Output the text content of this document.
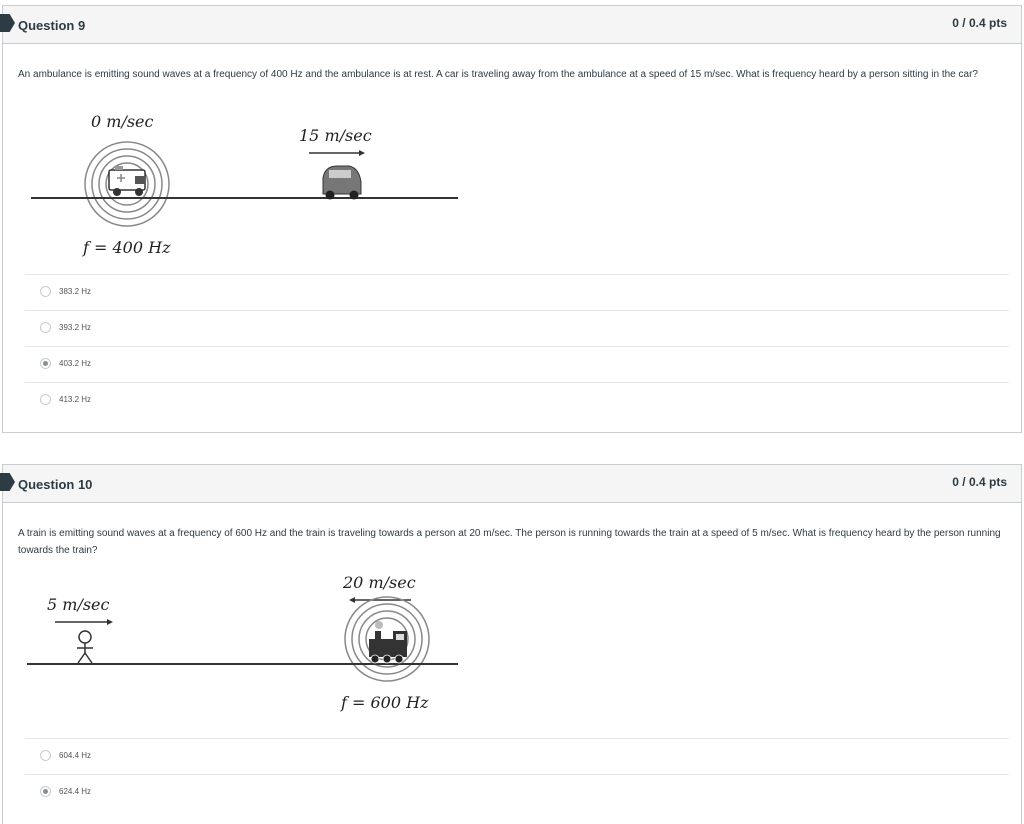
Question 9	0 / 0.4 pts
An ambulance is emitting sound waves at a frequency of 400 Hz and the ambulance is at rest. A car is traveling away from the ambulance at a speed of 15 m/sec. What is frequency heard by a person sitting in the car?
0 m/sec
15 m/sec
f = 400 Hz
383.2 Hz
393.2 Hz
403.2 Hz
413.2 Hz
Question 10	0 / 0.4 pts
A train is emitting sound waves at a frequency of 600 Hz and the train is traveling towards a person at 20 m/sec. The person is running towards the train at a speed of 5 m/sec. What is frequency heard by the person running towards the train?
20 m/sec
5 m/sec
f = 600 Hz
604.4 Hz
624.4 Hz
